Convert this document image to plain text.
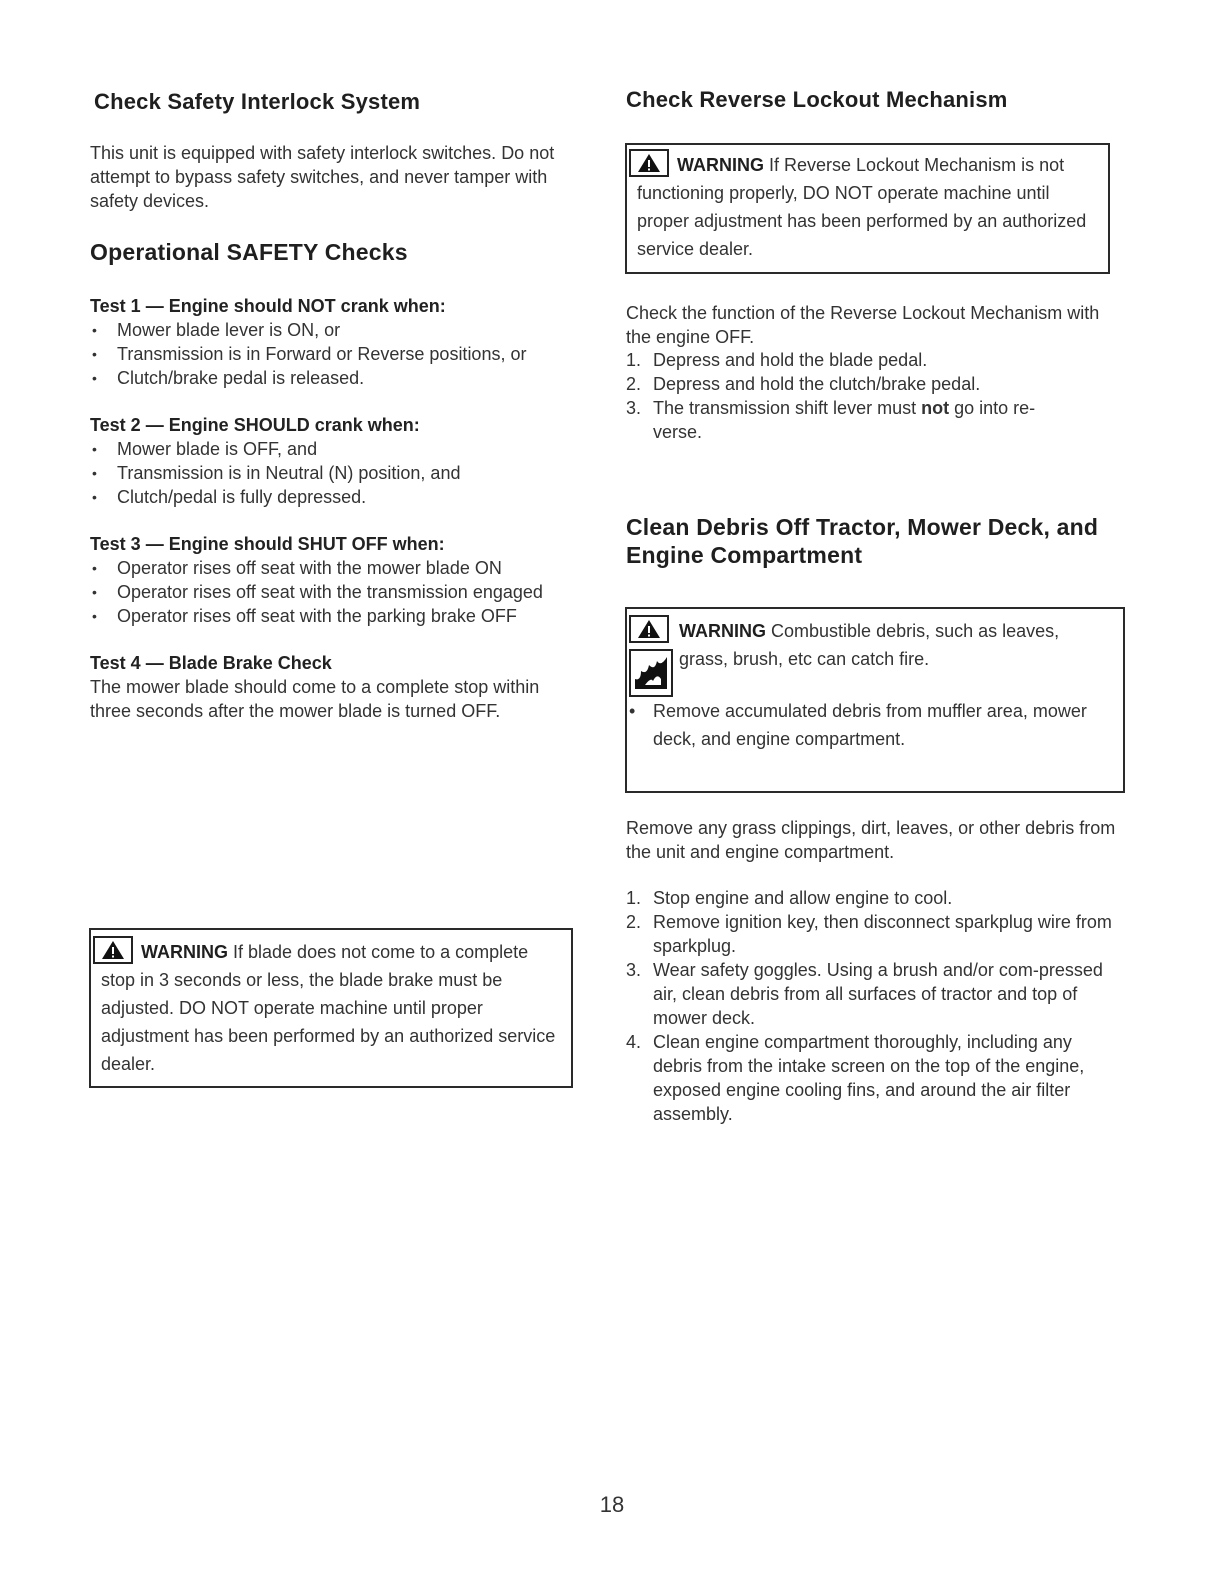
Check Safety Interlock System

This unit is equipped with safety interlock switches. Do not attempt to bypass safety switches, and never tamper with safety devices.

Operational SAFETY Checks
Test 1 — Engine should NOT crank when:
• Mower blade lever is ON, or
• Transmission is in Forward or Reverse positions, or
• Clutch/brake pedal is released.
Test 2 — Engine SHOULD crank when:
• Mower blade is OFF, and
• Transmission is in Neutral (N) position, and
• Clutch/pedal is fully depressed.
Test 3 — Engine should SHUT OFF when:
• Operator rises off seat with the mower blade ON
• Operator rises off seat with the transmission engaged
• Operator rises off seat with the parking brake OFF
Test 4 — Blade Brake Check

The mower blade should come to a complete stop within three seconds after the mower blade is turned OFF.

WARNING If blade does not come to a complete stop in 3 seconds or less, the blade brake must be adjusted. DO NOT operate machine until proper adjustment has been performed by an authorized service dealer.
Check Reverse Lockout Mechanism
WARNING If Reverse Lockout Mechanism is not functioning properly, DO NOT operate machine until proper adjustment has been performed by an authorized service dealer.

Check the function of the Reverse Lockout Mechanism with the engine OFF.

1. Depress and hold the blade pedal.
2. Depress and hold the clutch/brake pedal.
3. The transmission shift lever must not go into re-verse.
Clean Debris Off Tractor, Mower Deck, and Engine Compartment
WARNING Combustible debris, such as leaves, grass, brush, etc can catch fire.
• Remove accumulated debris from muffler area, mower deck, and engine compartment.

Remove any grass clippings, dirt, leaves, or other debris from the unit and engine compartment.

1. Stop engine and allow engine to cool.
2. Remove ignition key, then disconnect sparkplug wire from sparkplug.
3. Wear safety goggles. Using a brush and/or com-pressed air, clean debris from all surfaces of tractor and top of mower deck.
4. Clean engine compartment thoroughly, including any debris from the intake screen on the top of the engine, exposed engine cooling fins, and around the air filter assembly.
18
